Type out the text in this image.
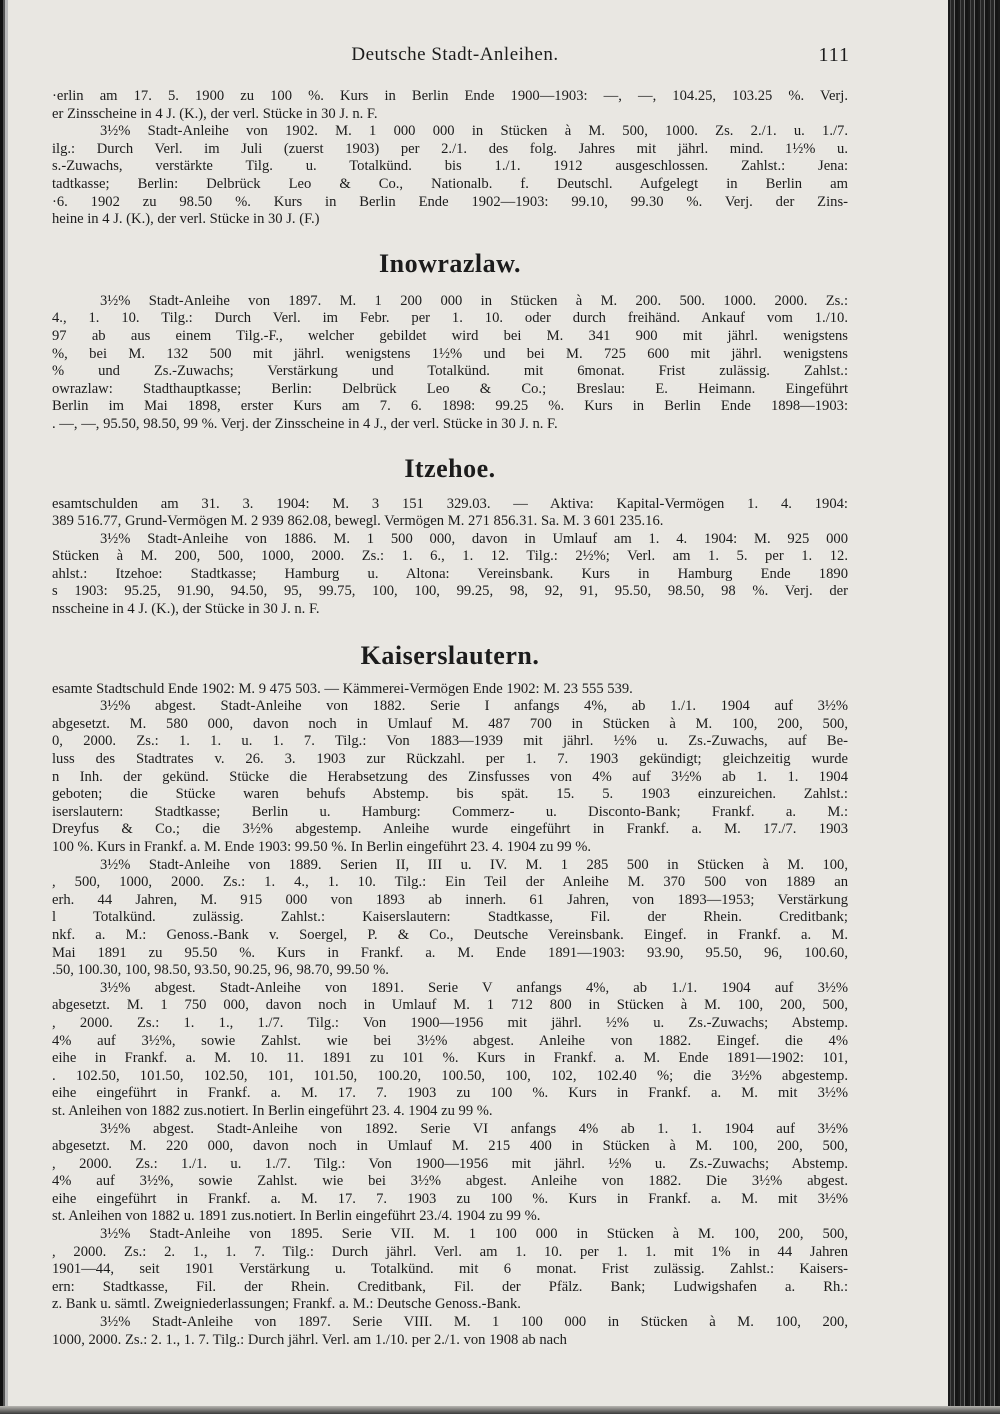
Deutsche Stadt-Anleihen.	111
·erlin am 17. 5. 1900 zu 100 %. Kurs in Berlin Ende 1900—1903: —, —, 104.25, 103.25 %. Verj.
er Zinsscheine in 4 J. (K.), der verl. Stücke in 30 J. n. F.
3½% Stadt-Anleihe von 1902. M. 1 000 000 in Stücken à M. 500, 1000. Zs. 2./1. u. 1./7.
ilg.: Durch Verl. im Juli (zuerst 1903) per 2./1. des folg. Jahres mit jährl. mind. 1½% u.
s.-Zuwachs, verstärkte Tilg. u. Totalkünd. bis 1./1. 1912 ausgeschlossen. Zahlst.: Jena:
tadtkasse; Berlin: Delbrück Leo & Co., Nationalb. f. Deutschl. Aufgelegt in Berlin am
·6. 1902 zu 98.50 %. Kurs in Berlin Ende 1902—1903: 99.10, 99.30 %. Verj. der Zins-
heine in 4 J. (K.), der verl. Stücke in 30 J. (F.)
Inowrazlaw.
3½% Stadt-Anleihe von 1897. M. 1 200 000 in Stücken à M. 200. 500. 1000. 2000. Zs.:
4., 1. 10. Tilg.: Durch Verl. im Febr. per 1. 10. oder durch freihänd. Ankauf vom 1./10.
97 ab aus einem Tilg.-F., welcher gebildet wird bei M. 341 900 mit jährl. wenigstens
%, bei M. 132 500 mit jährl. wenigstens 1½% und bei M. 725 600 mit jährl. wenigstens
% und Zs.-Zuwachs; Verstärkung und Totalkünd. mit 6monat. Frist zulässig. Zahlst.:
owrazlaw: Stadthauptkasse; Berlin: Delbrück Leo & Co.; Breslau: E. Heimann. Eingeführt
Berlin im Mai 1898, erster Kurs am 7. 6. 1898: 99.25 %. Kurs in Berlin Ende 1898—1903:
. —, —, 95.50, 98.50, 99 %. Verj. der Zinsscheine in 4 J., der verl. Stücke in 30 J. n. F.
Itzehoe.
esamtschulden am 31. 3. 1904: M. 3 151 329.03. — Aktiva: Kapital-Vermögen 1. 4. 1904:
389 516.77, Grund-Vermögen M. 2 939 862.08, bewegl. Vermögen M. 271 856.31. Sa. M. 3 601 235.16.
3½% Stadt-Anleihe von 1886. M. 1 500 000, davon in Umlauf am 1. 4. 1904: M. 925 000
Stücken à M. 200, 500, 1000, 2000. Zs.: 1. 6., 1. 12. Tilg.: 2½%; Verl. am 1. 5. per 1. 12.
ahlst.: Itzehoe: Stadtkasse; Hamburg u. Altona: Vereinsbank. Kurs in Hamburg Ende 1890
s 1903: 95.25, 91.90, 94.50, 95, 99.75, 100, 100, 99.25, 98, 92, 91, 95.50, 98.50, 98 %. Verj. der
nsscheine in 4 J. (K.), der Stücke in 30 J. n. F.
Kaiserslautern.
esamte Stadtschuld Ende 1902: M. 9 475 503. — Kämmerei-Vermögen Ende 1902: M. 23 555 539.
3½% abgest. Stadt-Anleihe von 1882. Serie I anfangs 4%, ab 1./1. 1904 auf 3½%
abgesetzt. M. 580 000, davon noch in Umlauf M. 487 700 in Stücken à M. 100, 200, 500,
0, 2000. Zs.: 1. 1. u. 1. 7. Tilg.: Von 1883—1939 mit jährl. ½% u. Zs.-Zuwachs, auf Be-
luss des Stadtrates v. 26. 3. 1903 zur Rückzahl. per 1. 7. 1903 gekündigt; gleichzeitig wurde
n Inh. der gekünd. Stücke die Herabsetzung des Zinsfusses von 4% auf 3½% ab 1. 1. 1904
geboten; die Stücke waren behufs Abstemp. bis spät. 15. 5. 1903 einzureichen. Zahlst.:
iserslautern: Stadtkasse; Berlin u. Hamburg: Commerz- u. Disconto-Bank; Frankf. a. M.:
Dreyfus & Co.; die 3½% abgestemp. Anleihe wurde eingeführt in Frankf. a. M. 17./7. 1903
100 %. Kurs in Frankf. a. M. Ende 1903: 99.50 %. In Berlin eingeführt 23. 4. 1904 zu 99 %.
3½% Stadt-Anleihe von 1889. Serien II, III u. IV. M. 1 285 500 in Stücken à M. 100,
, 500, 1000, 2000. Zs.: 1. 4., 1. 10. Tilg.: Ein Teil der Anleihe M. 370 500 von 1889 an
erh. 44 Jahren, M. 915 000 von 1893 ab innerh. 61 Jahren, von 1893—1953; Verstärkung
l Totalkünd. zulässig. Zahlst.: Kaiserslautern: Stadtkasse, Fil. der Rhein. Creditbank;
nkf. a. M.: Genoss.-Bank v. Soergel, P. & Co., Deutsche Vereinsbank. Eingef. in Frankf. a. M.
Mai 1891 zu 95.50 %. Kurs in Frankf. a. M. Ende 1891—1903: 93.90, 95.50, 96, 100.60,
.50, 100.30, 100, 98.50, 93.50, 90.25, 96, 98.70, 99.50 %.
3½% abgest. Stadt-Anleihe von 1891. Serie V anfangs 4%, ab 1./1. 1904 auf 3½%
abgesetzt. M. 1 750 000, davon noch in Umlauf M. 1 712 800 in Stücken à M. 100, 200, 500,
, 2000. Zs.: 1. 1., 1./7. Tilg.: Von 1900—1956 mit jährl. ½% u. Zs.-Zuwachs; Abstemp.
4% auf 3½%, sowie Zahlst. wie bei 3½% abgest. Anleihe von 1882. Eingef. die 4%
eihe in Frankf. a. M. 10. 11. 1891 zu 101 %. Kurs in Frankf. a. M. Ende 1891—1902: 101,
. 102.50, 101.50, 102.50, 101, 101.50, 100.20, 100.50, 100, 102, 102.40 %; die 3½% abgestemp.
eihe eingeführt in Frankf. a. M. 17. 7. 1903 zu 100 %. Kurs in Frankf. a. M. mit 3½%
st. Anleihen von 1882 zus.notiert. In Berlin eingeführt 23. 4. 1904 zu 99 %.
3½% abgest. Stadt-Anleihe von 1892. Serie VI anfangs 4% ab 1. 1. 1904 auf 3½%
abgesetzt. M. 220 000, davon noch in Umlauf M. 215 400 in Stücken à M. 100, 200, 500,
, 2000. Zs.: 1./1. u. 1./7. Tilg.: Von 1900—1956 mit jährl. ½% u. Zs.-Zuwachs; Abstemp.
4% auf 3½%, sowie Zahlst. wie bei 3½% abgest. Anleihe von 1882. Die 3½% abgest.
eihe eingeführt in Frankf. a. M. 17. 7. 1903 zu 100 %. Kurs in Frankf. a. M. mit 3½%
st. Anleihen von 1882 u. 1891 zus.notiert. In Berlin eingeführt 23./4. 1904 zu 99 %.
3½% Stadt-Anleihe von 1895. Serie VII. M. 1 100 000 in Stücken à M. 100, 200, 500,
, 2000. Zs.: 2. 1., 1. 7. Tilg.: Durch jährl. Verl. am 1. 10. per 1. 1. mit 1% in 44 Jahren
1901—44, seit 1901 Verstärkung u. Totalkünd. mit 6 monat. Frist zulässig. Zahlst.: Kaisers-
ern: Stadtkasse, Fil. der Rhein. Creditbank, Fil. der Pfälz. Bank; Ludwigshafen a. Rh.:
z. Bank u. sämtl. Zweigniederlassungen; Frankf. a. M.: Deutsche Genoss.-Bank.
3½% Stadt-Anleihe von 1897. Serie VIII. M. 1 100 000 in Stücken à M. 100, 200,
1000, 2000. Zs.: 2. 1., 1. 7. Tilg.: Durch jährl. Verl. am 1./10. per 2./1. von 1908 ab nach
